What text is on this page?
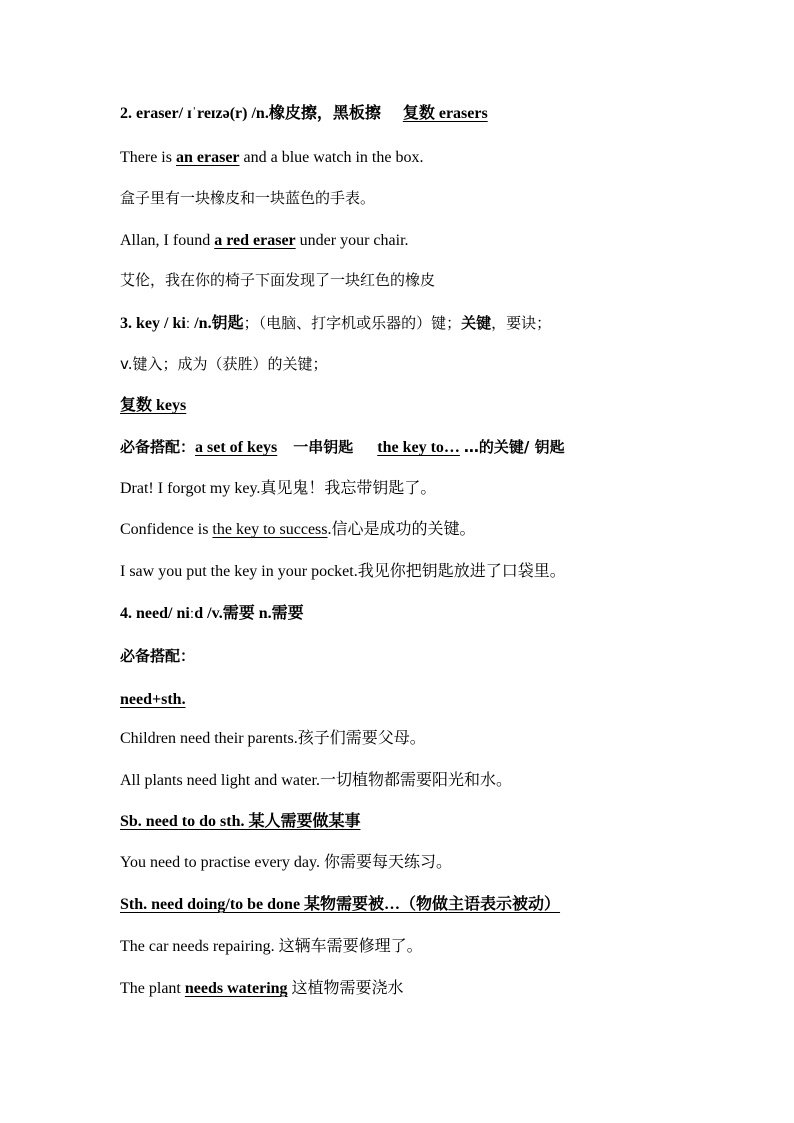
2. eraser/ ɪˈreɪzə(r) /n.橡皮擦，黑板擦 复数 erasers
There is an eraser and a blue watch in the box.
盒子里有一块橡皮和一块蓝色的手表。
Allan, I found a red eraser under your chair.
艾伦，我在你的椅子下面发现了一块红色的橡皮
3. key / kiː /n.钥匙；（电脑、打字机或乐器的）键；关键，要诀；
v.键入；成为（获胜）的关键；
复数 keys
必备搭配：a set of keys 一串钥匙 the key to… …的关键/ 钥匙
Drat! I forgot my key.真见鬼！我忘带钥匙了。
Confidence is the key to success.信心是成功的关键。
I saw you put the key in your pocket.我见你把钥匙放进了口袋里。
4. need/ niːd /v.需要 n.需要
必备搭配：
need+sth.
Children need their parents.孩子们需要父母。
All plants need light and water.一切植物都需要阳光和水。
Sb. need to do sth. 某人需要做某事
You need to practise every day. 你需要每天练习。
Sth. need doing/to be done 某物需要被…（物做主语表示被动）
The car needs repairing. 这辆车需要修理了。
The plant needs watering 这植物需要浇水
